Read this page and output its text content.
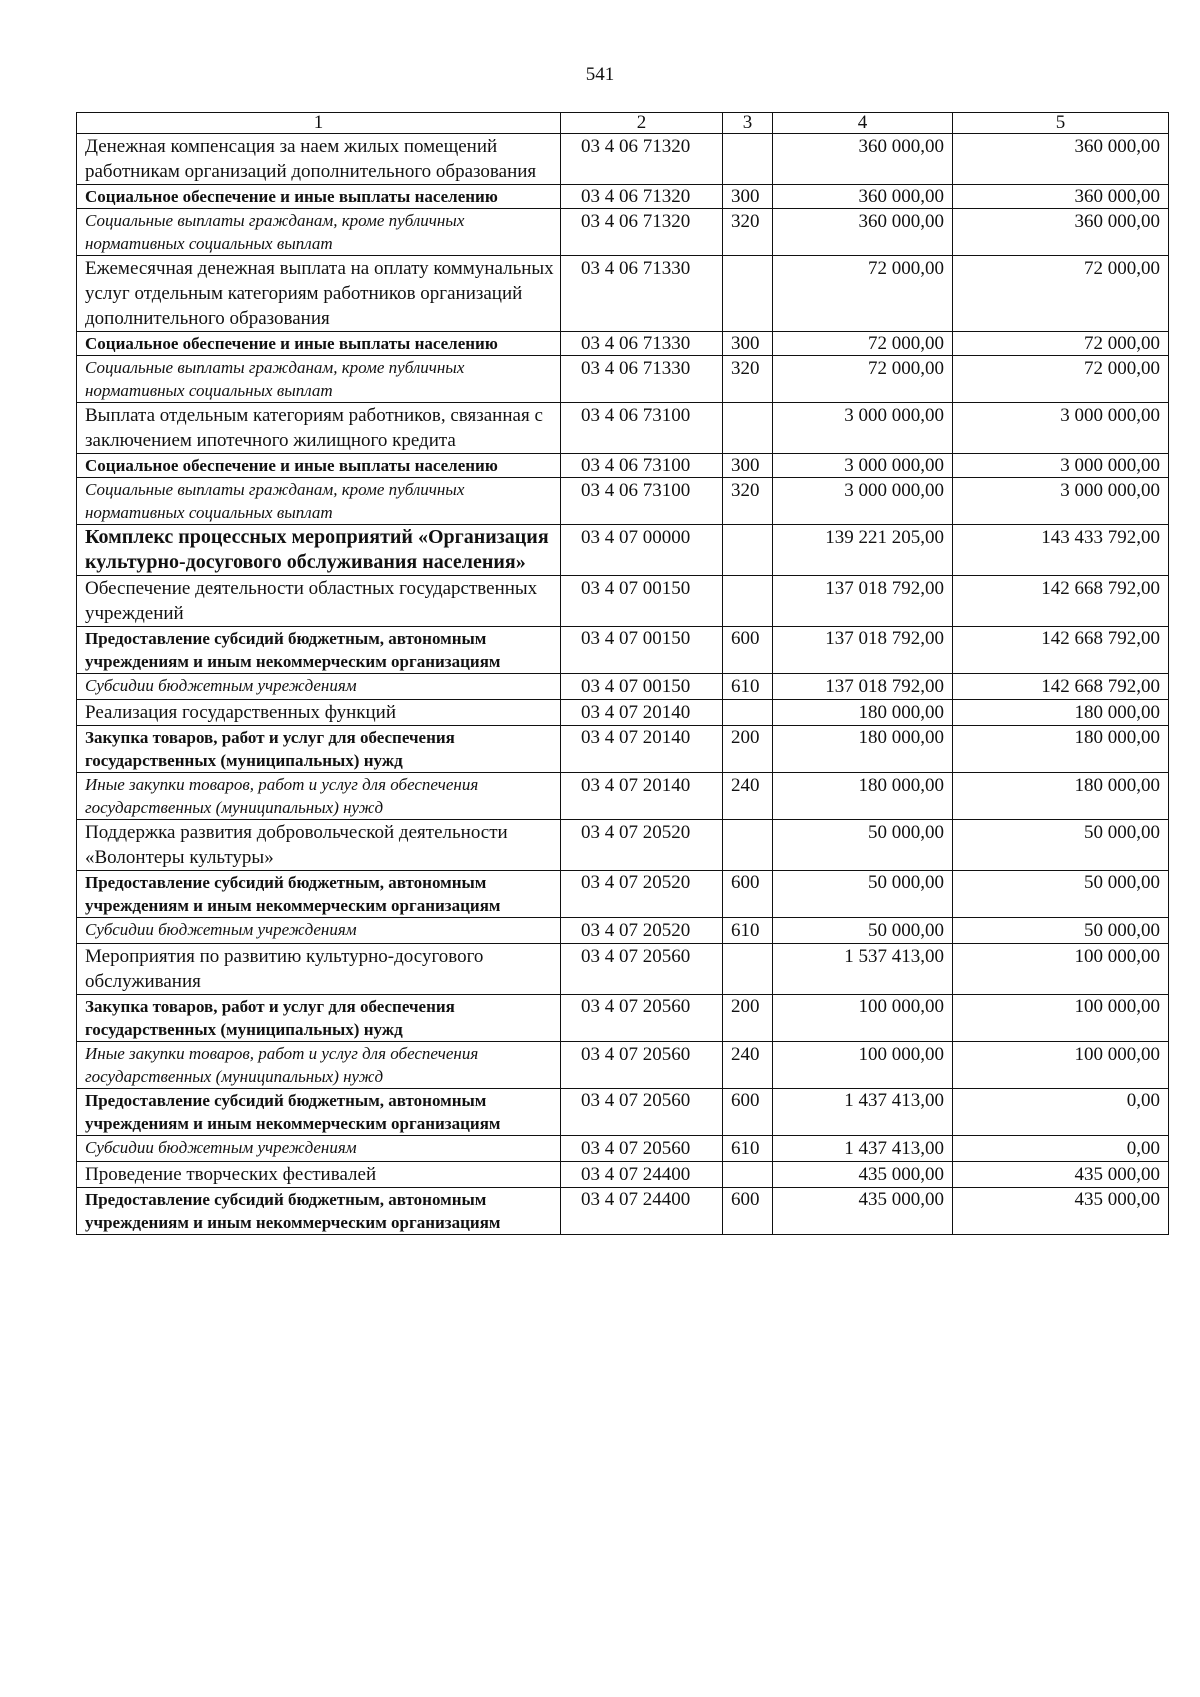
541
1	2	3	4	5
Денежная компенсация за наем жилых помещений работникам организаций дополнительного образования	03 4 06 71320		360 000,00	360 000,00
Социальное обеспечение и иные выплаты населению	03 4 06 71320	300	360 000,00	360 000,00
Социальные выплаты гражданам, кроме публичных нормативных социальных выплат	03 4 06 71320	320	360 000,00	360 000,00
Ежемесячная денежная выплата на оплату коммунальных услуг отдельным категориям работников организаций дополнительного образования	03 4 06 71330		72 000,00	72 000,00
Социальное обеспечение и иные выплаты населению	03 4 06 71330	300	72 000,00	72 000,00
Социальные выплаты гражданам, кроме публичных нормативных социальных выплат	03 4 06 71330	320	72 000,00	72 000,00
Выплата отдельным категориям работников, связанная с заключением ипотечного жилищного кредита	03 4 06 73100		3 000 000,00	3 000 000,00
Социальное обеспечение и иные выплаты населению	03 4 06 73100	300	3 000 000,00	3 000 000,00
Социальные выплаты гражданам, кроме публичных нормативных социальных выплат	03 4 06 73100	320	3 000 000,00	3 000 000,00
Комплекс процессных мероприятий «Организация культурно-досугового обслуживания населения»	03 4 07 00000		139 221 205,00	143 433 792,00
Обеспечение деятельности областных государственных учреждений	03 4 07 00150		137 018 792,00	142 668 792,00
Предоставление субсидий бюджетным, автономным учреждениям и иным некоммерческим организациям	03 4 07 00150	600	137 018 792,00	142 668 792,00
Субсидии бюджетным учреждениям	03 4 07 00150	610	137 018 792,00	142 668 792,00
Реализация государственных функций	03 4 07 20140		180 000,00	180 000,00
Закупка товаров, работ и услуг для обеспечения государственных (муниципальных) нужд	03 4 07 20140	200	180 000,00	180 000,00
Иные закупки товаров, работ и услуг для обеспечения государственных (муниципальных) нужд	03 4 07 20140	240	180 000,00	180 000,00
Поддержка развития добровольческой деятельности «Волонтеры культуры»	03 4 07 20520		50 000,00	50 000,00
Предоставление субсидий бюджетным, автономным учреждениям и иным некоммерческим организациям	03 4 07 20520	600	50 000,00	50 000,00
Субсидии бюджетным учреждениям	03 4 07 20520	610	50 000,00	50 000,00
Мероприятия по развитию культурно-досугового обслуживания	03 4 07 20560		1 537 413,00	100 000,00
Закупка товаров, работ и услуг для обеспечения государственных (муниципальных) нужд	03 4 07 20560	200	100 000,00	100 000,00
Иные закупки товаров, работ и услуг для обеспечения государственных (муниципальных) нужд	03 4 07 20560	240	100 000,00	100 000,00
Предоставление субсидий бюджетным, автономным учреждениям и иным некоммерческим организациям	03 4 07 20560	600	1 437 413,00	0,00
Субсидии бюджетным учреждениям	03 4 07 20560	610	1 437 413,00	0,00
Проведение творческих фестивалей	03 4 07 24400		435 000,00	435 000,00
Предоставление субсидий бюджетным, автономным учреждениям и иным некоммерческим организациям	03 4 07 24400	600	435 000,00	435 000,00
